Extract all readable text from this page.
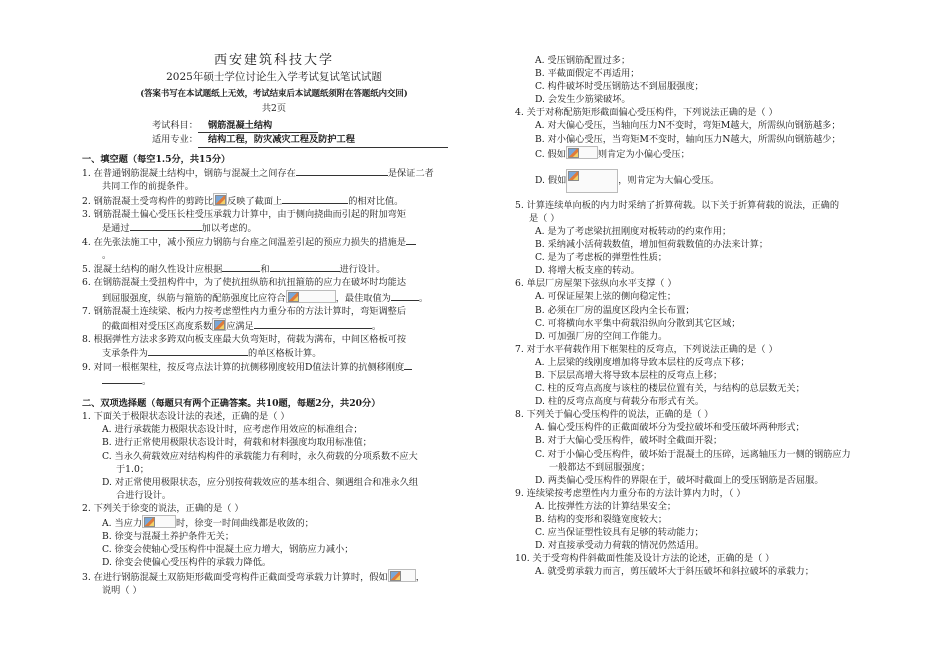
西安建筑科技大学
2025年硕士学位讨论生入学考试复试笔试试题
(答案书写在本试题纸上无效，考试结束后本试题纸须附在答题纸内交回)
共2页
考试科目： 钢筋混凝土结构
适用专业： 结构工程，防灾减灾工程及防护工程
一、填空题（每空1.5分，共15分）
1. 在普通钢筋混凝土结构中，钢筋与混凝土之间存在	是保证二者
共同工作的前提条件。
2. 钢筋混凝土受弯构件的剪跨比 反映了截面上	的相对比值。
3. 钢筋混凝土偏心受压长柱受压承载力计算中，由于侧向挠曲而引起的附加弯矩
是通过	加以考虑的。
4. 在先张法施工中，减小预应力钢筋与台座之间温差引起的预应力损失的措施是
。
5. 混凝土结构的耐久性设计应根据	和	进行设计。
6. 在钢筋混凝土受扭构件中，为了使抗扭纵筋和抗扭箍筋的应力在破坏时均能达
到屈服强度，纵筋与箍筋的配筋强度比应符合	，最佳取值为	。
7. 钢筋混凝土连续梁、板内力按考虑塑性内力重分布的方法计算时，弯矩调整后
的截面相对受压区高度系数 应满足	。
8. 根据弹性方法求多跨双向板支座最大负弯矩时，荷载为满布，中间区格板可按
支承条件为	的单区格板计算。
9. 对同一根框架柱，按反弯点法计算的抗侧移刚度较用D值法计算的抗侧移刚度
。
二、双项选择题（每题只有两个正确答案。共10题，每题2分，共20分）
1. 下面关于极限状态设计法的表述，正确的是（ ）
A. 进行承载能力极限状态设计时，应考虑作用效应的标准组合；
B. 进行正常使用极限状态设计时，荷载和材料强度均取用标准值；
C. 当永久荷载效应对结构构件的承载能力有利时，永久荷载的分项系数不应大
于1.0；
D. 对正常使用极限状态，应分别按荷载效应的基本组合、频遇组合和准永久组
合进行设计。
2. 下列关于徐变的说法，正确的是（ ）
A. 当应力	时，徐变一时间曲线都是收敛的；
B. 徐变与混凝土养护条件无关；
C. 徐变会使轴心受压构件中混凝土应力增大，钢筋应力减小；
D. 徐变会使偏心受压构件的承载力降低。
3. 在进行钢筋混凝土双筋矩形截面受弯构件正截面受弯承载力计算时，假如	，
说明（ ）
A. 受压钢筋配置过多；
B. 平截面假定不再适用；
C. 构件破坏时受压钢筋达不到屈服强度；
D. 会发生少筋梁破坏。
4. 关于对称配筋矩形截面偏心受压构件，下列说法正确的是（ ）
A. 对大偏心受压，当轴向压力N不变时，弯矩M越大，所需纵向钢筋越多；
B. 对小偏心受压，当弯矩M不变时，轴向压力N越大，所需纵向钢筋越少；
C. 假如	则肯定为小偏心受压；
D. 假如	，则肯定为大偏心受压。
5. 计算连续单向板的内力时采纳了折算荷载。以下关于折算荷载的说法，正确的
是（ ）
A. 是为了考虑梁抗扭刚度对板转动的约束作用；
B. 采纳减小活荷载数值，增加恒荷载数值的办法来计算；
C. 是为了考虑板的弹塑性性质；
D. 将增大板支座的转动。
6. 单层厂房屋架下弦纵向水平支撑（ ）
A. 可保证屋架上弦的侧向稳定性；
B. 必须在厂房的温度区段内全长布置；
C. 可将横向水平集中荷载沿纵向分散到其它区域；
D. 可加强厂房的空间工作能力。
7. 对于水平荷载作用下框架柱的反弯点，下列说法正确的是（ ）
A. 上层梁的线刚度增加将导致本层柱的反弯点下移；
B. 下层层高增大将导致本层柱的反弯点上移；
C. 柱的反弯点高度与该柱的楼层位置有关，与结构的总层数无关；
D. 柱的反弯点高度与荷载分布形式有关。
8. 下列关于偏心受压构件的说法，正确的是（ ）
A. 偏心受压构件的正截面破坏分为受拉破坏和受压破坏两种形式；
B. 对于大偏心受压构件，破坏时全截面开裂；
C. 对于小偏心受压构件，破坏始于混凝土的压碎，远离轴压力一侧的钢筋应力
一般都达不到屈服强度；
D. 两类偏心受压构件的界限在于，破坏时截面上的受压钢筋是否屈服。
9. 连续梁按考虑塑性内力重分布的方法计算内力时，（ ）
A. 比按弹性方法的计算结果安全；
B. 结构的变形和裂缝宽度较大；
C. 应当保证塑性铰具有足够的转动能力；
D. 对直接承受动力荷载的情况仍然适用。
10. 关于受弯构件斜截面性能及设计方法的论述，正确的是（ ）
A. 就受剪承载力而言，剪压破坏大于斜压破坏和斜拉破坏的承载力；
